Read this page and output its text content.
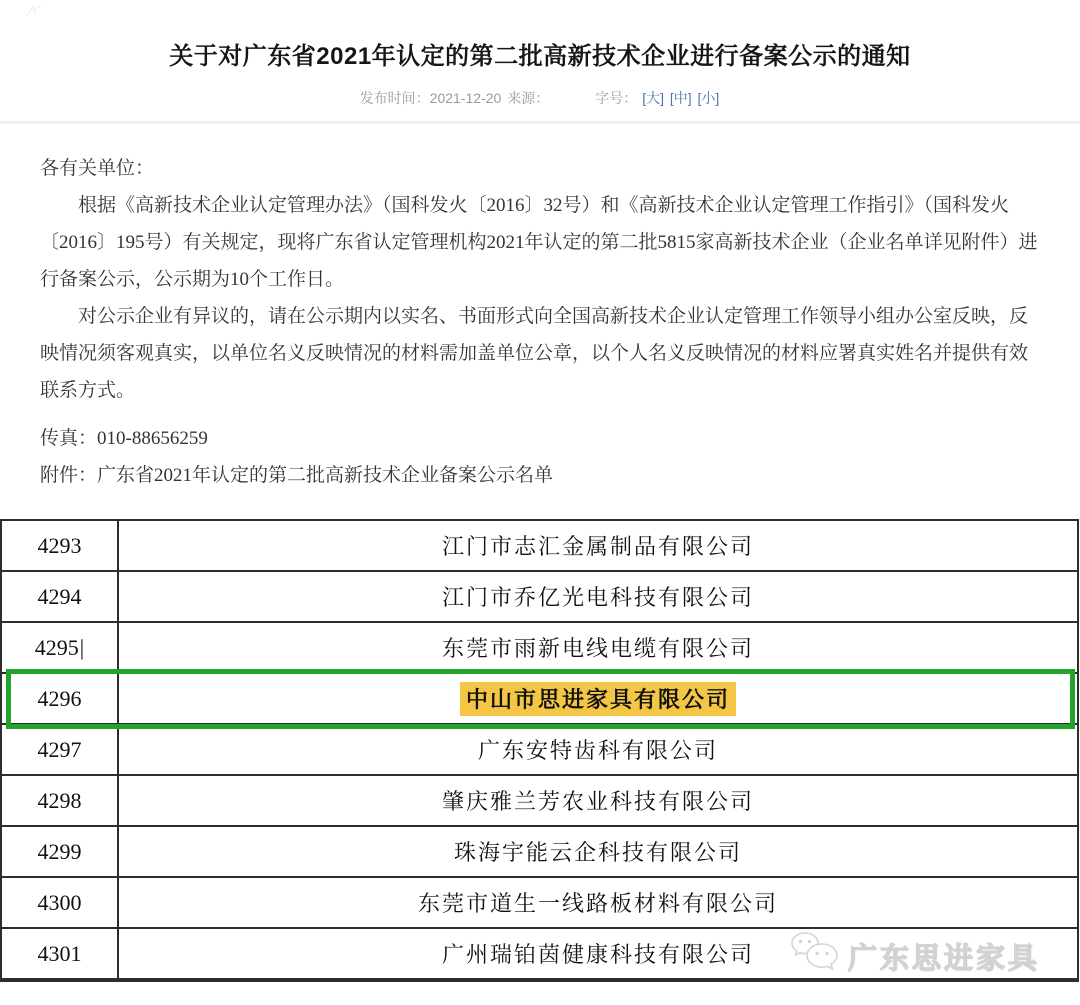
关于对广东省2021年认定的第二批高新技术企业进行备案公示的通知
发布时间：2021-12-20 来源：	字号： [大] [中] [小]

各有关单位：

根据《高新技术企业认定管理办法》（国科发火〔2016〕32号）和《高新技术企业认定管理工作指引》（国科发火〔2016〕195号）有关规定，现将广东省认定管理机构2021年认定的第二批5815家高新技术企业（企业名单详见附件）进行备案公示，公示期为10个工作日。

对公示企业有异议的，请在公示期内以实名、书面形式向全国高新技术企业认定管理工作领导小组办公室反映，反映情况须客观真实，以单位名义反映情况的材料需加盖单位公章，以个人名义反映情况的材料应署真实姓名并提供有效联系方式。

传真：010-88656259

附件：广东省2021年认定的第二批高新技术企业备案公示名单

4293	江门市志汇金属制品有限公司
4294	江门市乔亿光电科技有限公司
4295 |	东莞市雨新电线电缆有限公司
4296	中山市思进家具有限公司
4297	广东安特齿科有限公司
4298	肇庆雅兰芳农业科技有限公司
4299	珠海宇能云企科技有限公司
4300	东莞市道生一线路板材料有限公司
4301	广州瑞铂茵健康科技有限公司	广东思进家具
